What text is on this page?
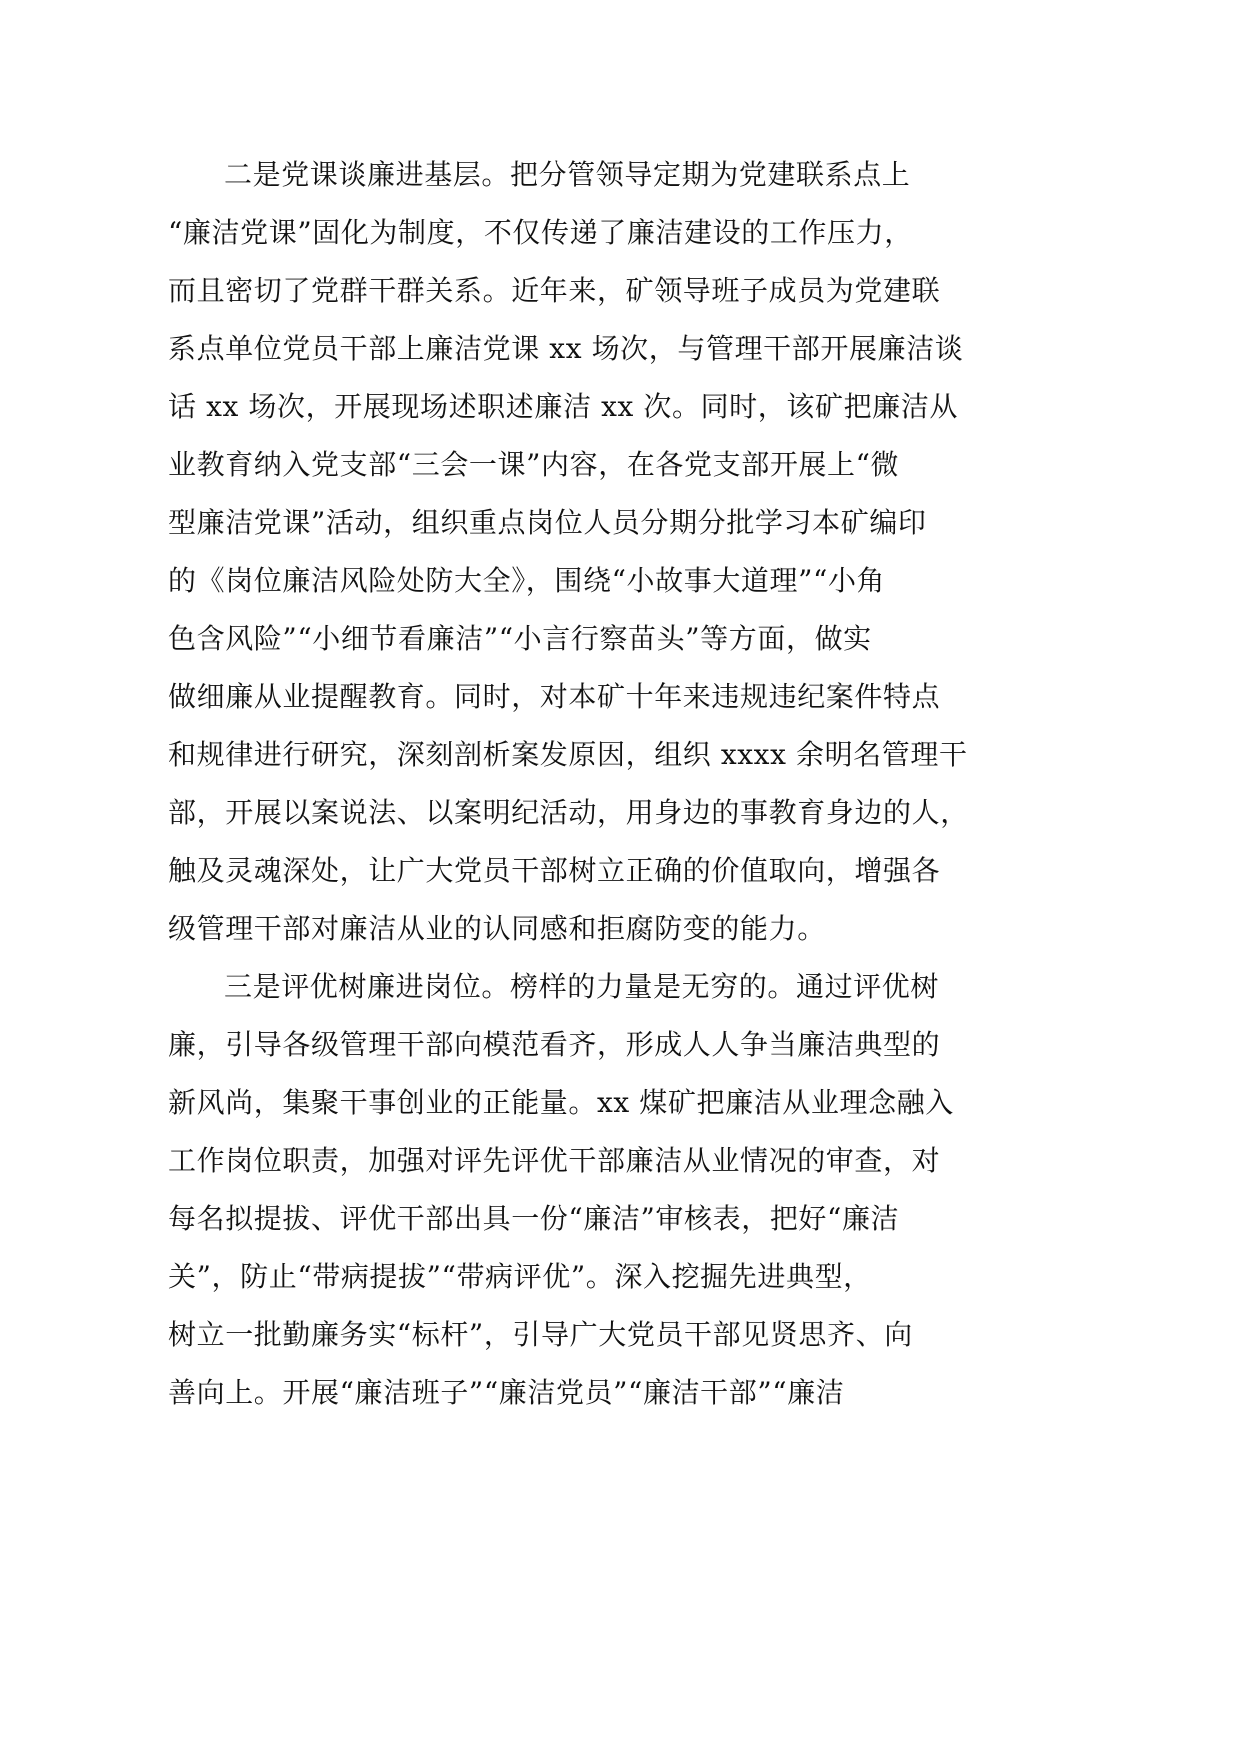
二是党课谈廉进基层。把分管领导定期为党建联系点上
“廉洁党课”固化为制度，不仅传递了廉洁建设的工作压力，
而且密切了党群干群关系。近年来，矿领导班子成员为党建联
系点单位党员干部上廉洁党课 xx 场次，与管理干部开展廉洁谈
话 xx 场次，开展现场述职述廉洁 xx 次。同时，该矿把廉洁从
业教育纳入党支部“三会一课”内容，在各党支部开展上“微
型廉洁党课”活动，组织重点岗位人员分期分批学习本矿编印
的《岗位廉洁风险处防大全》，围绕“小故事大道理”“小角
色含风险”“小细节看廉洁”“小言行察苗头”等方面，做实
做细廉从业提醒教育。同时，对本矿十年来违规违纪案件特点
和规律进行研究，深刻剖析案发原因，组织 xxxx 余明名管理干
部，开展以案说法、以案明纪活动，用身边的事教育身边的人，
触及灵魂深处，让广大党员干部树立正确的价值取向，增强各
级管理干部对廉洁从业的认同感和拒腐防变的能力。
三是评优树廉进岗位。榜样的力量是无穷的。通过评优树
廉，引导各级管理干部向模范看齐，形成人人争当廉洁典型的
新风尚，集聚干事创业的正能量。xx 煤矿把廉洁从业理念融入
工作岗位职责，加强对评先评优干部廉洁从业情况的审查，对
每名拟提拔、评优干部出具一份“廉洁”审核表，把好“廉洁
关”，防止“带病提拔”“带病评优”。深入挖掘先进典型，
树立一批勤廉务实“标杆”，引导广大党员干部见贤思齐、向
善向上。开展“廉洁班子”“廉洁党员”“廉洁干部”“廉洁
